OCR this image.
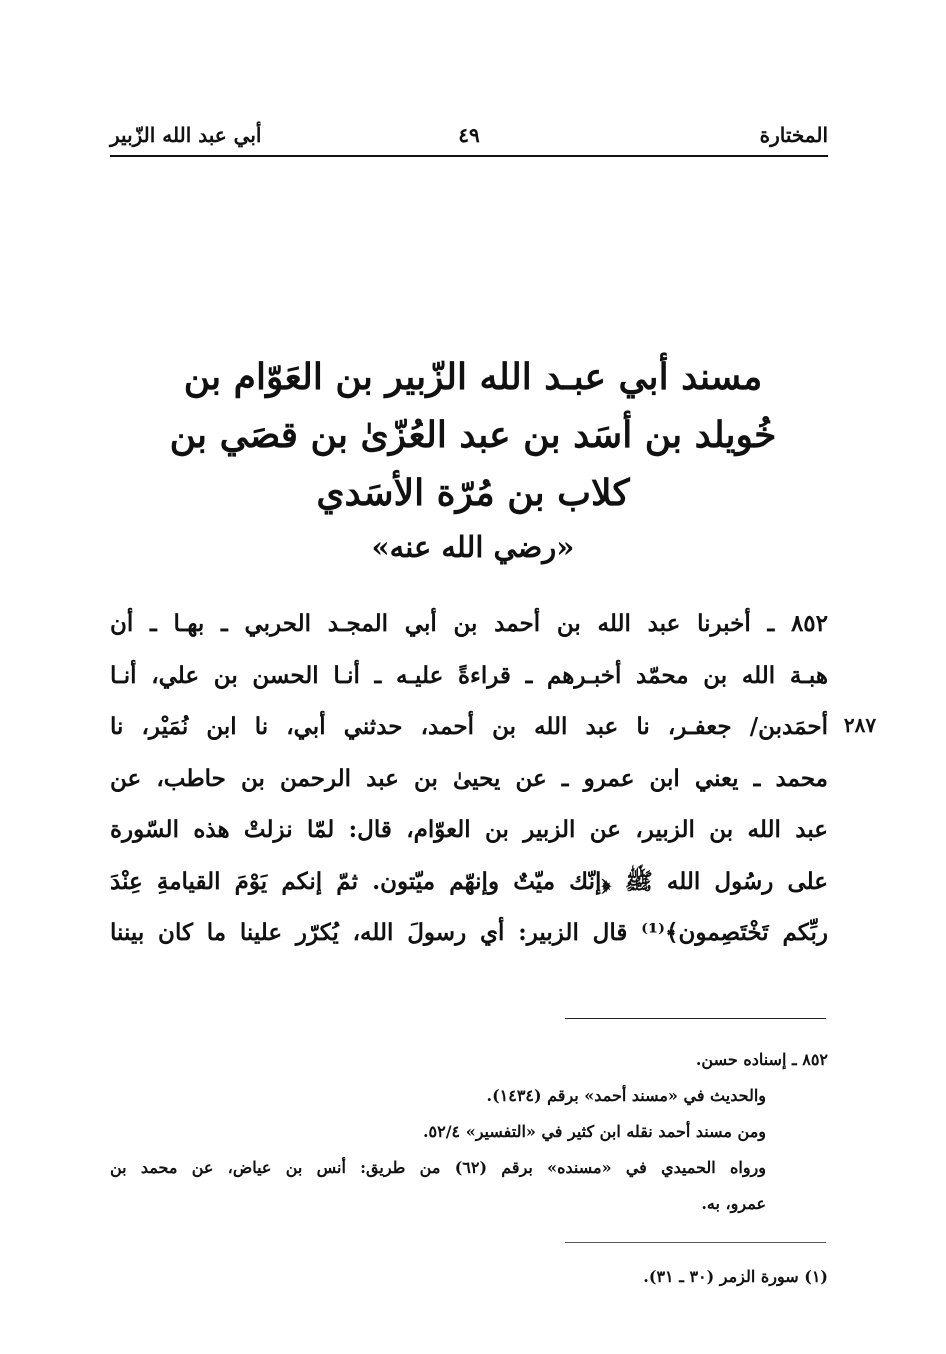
المختارة
٤٩
أبي عبد الله الزّبير
مسند أبي عبـد الله الزّبير بن العَوّام بن
خُويلد بن أسَد بن عبد العُزّىٰ بن قصَي بن
كلاب بن مُرّة الأسَدي
«رضي الله عنه»
٢٨٧
٨٥٢ ـ أخبرنا عبد الله بن أحمد بن أبي المجـد الحربي ـ بهـا ـ أن
هبـة الله بن محمّد أخبـرهم ـ قراءةً عليـه ـ أنـا الحسن بن علي، أنـا
أحمَدبن/ جعفـر، نا عبد الله بن أحمد، حدثني أبي، نا ابن نُمَيْر، نا
محمد ـ يعني ابن عمرو ـ عن يحيىٰ بن عبد الرحمن بن حاطب، عن
عبد الله بن الزبير، عن الزبير بن العوّام، قال: لمّا نزلتْ هذه السّورة
على رسُول الله ﷺ ﴿إنّك ميّتٌ وإنهّم ميّتون. ثمّ إنكم يَوْمَ القيامةِ عِنْدَ
ربِّكم تَخْتَصِمون﴾⁽¹⁾ قال الزبير: أي رسولَ الله، يُكرّر علينا ما كان بيننا
٨٥٢ ـ إسناده حسن.
والحديث في «مسند أحمد» برقم (١٤٣٤).
ومن مسند أحمد نقله ابن كثير في «التفسير» ٥٢/٤.
ورواه الحميدي في «مسنده» برقم (٦٢) من طريق: أنس بن عياض، عن محمد بن
عمرو، به.
(١) سورة الزمر (٣٠ ـ ٣١).
